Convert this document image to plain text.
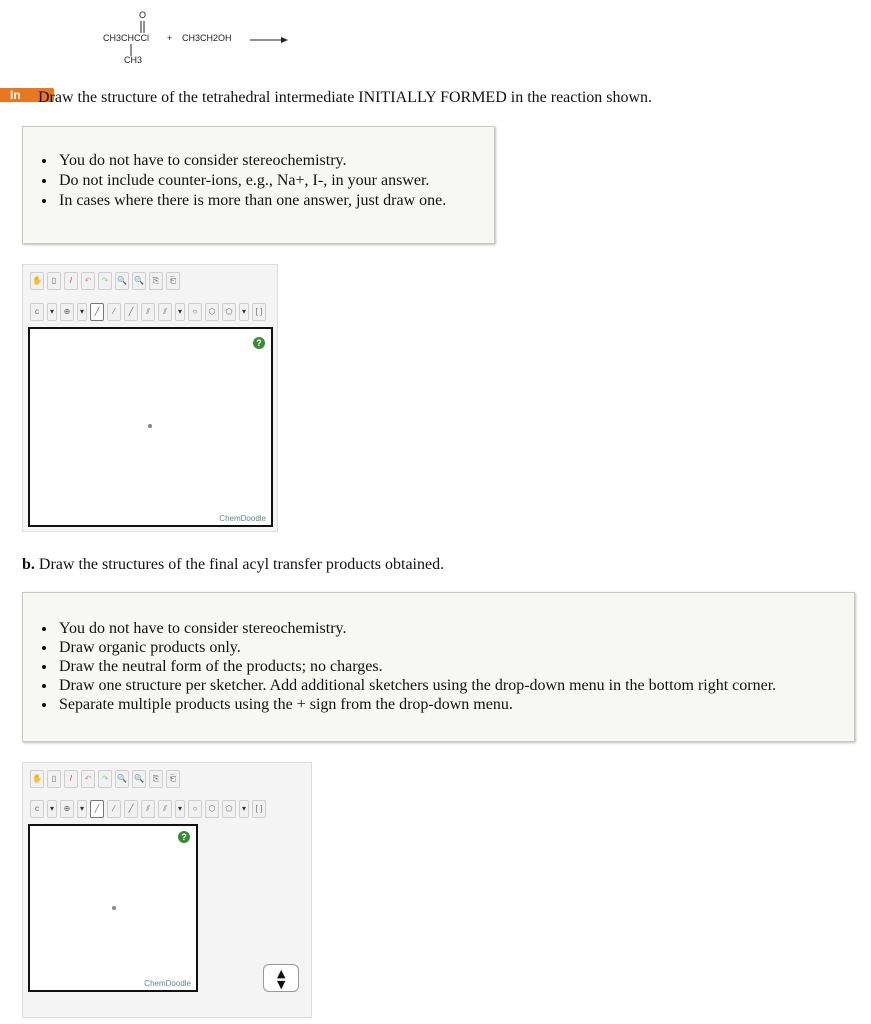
O
CH3CHCCl
CH3
+ CH3CH2OH
In	Draw the structure of the tetrahedral intermediate INITIALLY FORMED in the reaction shown.
• You do not have to consider stereochemistry.
• Do not include counter-ions, e.g., Na+, I-, in your answer.
• In cases where there is more than one answer, just draw one.
✋	▯	/	↶	↷	🔍 🔍	⎘	⎗
c	▾	⊕	▾	╱	⁄	╱	⫽	⫽	▾	○	⬡	⬠	▾	[ ]
?
ChemDoodle
b. Draw the structures of the final acyl transfer products obtained.
• You do not have to consider stereochemistry.
• Draw organic products only.
• Draw the neutral form of the products; no charges.
• Draw one structure per sketcher. Add additional sketchers using the drop-down menu in the bottom right corner.
• Separate multiple products using the + sign from the drop-down menu.
✋	▯	/	↶	↷	🔍 🔍	⎘	⎗
c	▾	⊕	▾	╱	⁄	╱	⫽	⫽	▾	○	⬡	⬠	▾	[ ]
?
ChemDoodle
▲▼
